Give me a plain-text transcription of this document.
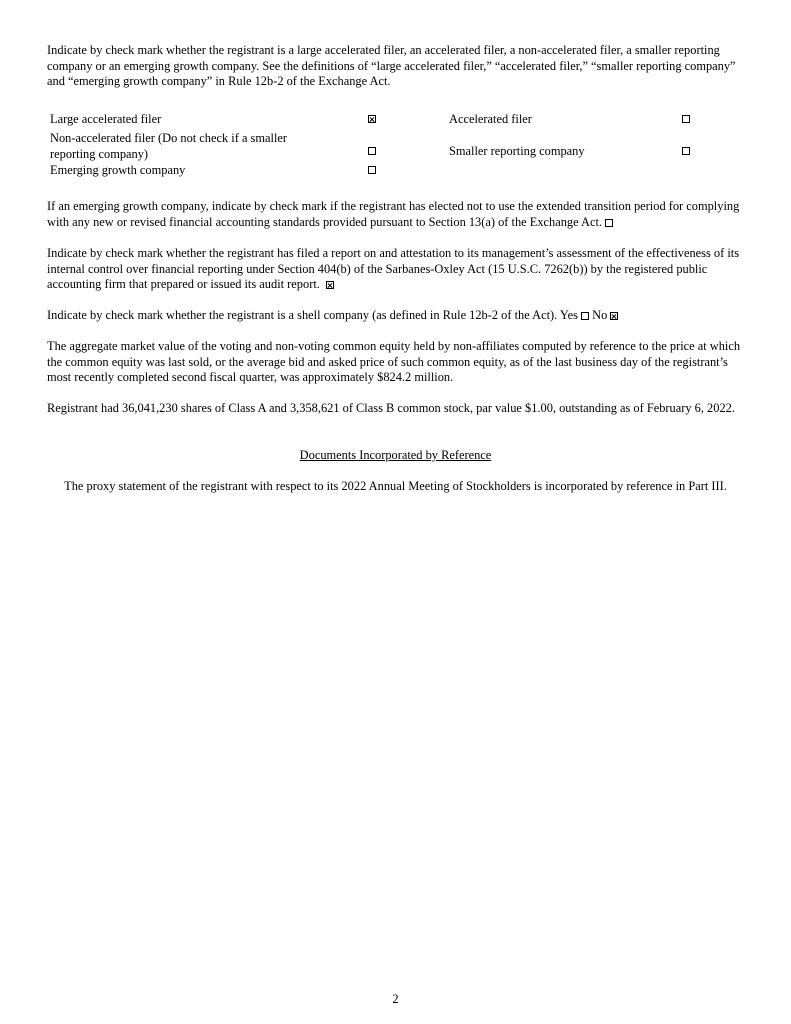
Indicate by check mark whether the registrant is a large accelerated filer, an accelerated filer, a non-accelerated filer, a smaller reporting company or an emerging growth company. See the definitions of “large accelerated filer,” “accelerated filer,” “smaller reporting company” and “emerging growth company” in Rule 12b-2 of the Exchange Act.

Large accelerated filer	Accelerated filer
Non-accelerated filer (Do not check if a smaller
reporting company)	Smaller reporting company
Emerging growth company

If an emerging growth company, indicate by check mark if the registrant has elected not to use the extended transition period for complying with any new or revised financial accounting standards provided pursuant to Section 13(a) of the Exchange Act.

Indicate by check mark whether the registrant has filed a report on and attestation to its management’s assessment of the effectiveness of its internal control over financial reporting under Section 404(b) of the Sarbanes-Oxley Act (15 U.S.C. 7262(b)) by the registered public accounting firm that prepared or issued its audit report.

Indicate by check mark whether the registrant is a shell company (as defined in Rule 12b-2 of the Act). Yes No

The aggregate market value of the voting and non-voting common equity held by non-affiliates computed by reference to the price at which the common equity was last sold, or the average bid and asked price of such common equity, as of the last business day of the registrant’s most recently completed second fiscal quarter, was approximately $824.2 million.

Registrant had 36,041,230 shares of Class A and 3,358,621 of Class B common stock, par value $1.00, outstanding as of February 6, 2022.

Documents Incorporated by Reference

The proxy statement of the registrant with respect to its 2022 Annual Meeting of Stockholders is incorporated by reference in Part III.

2
